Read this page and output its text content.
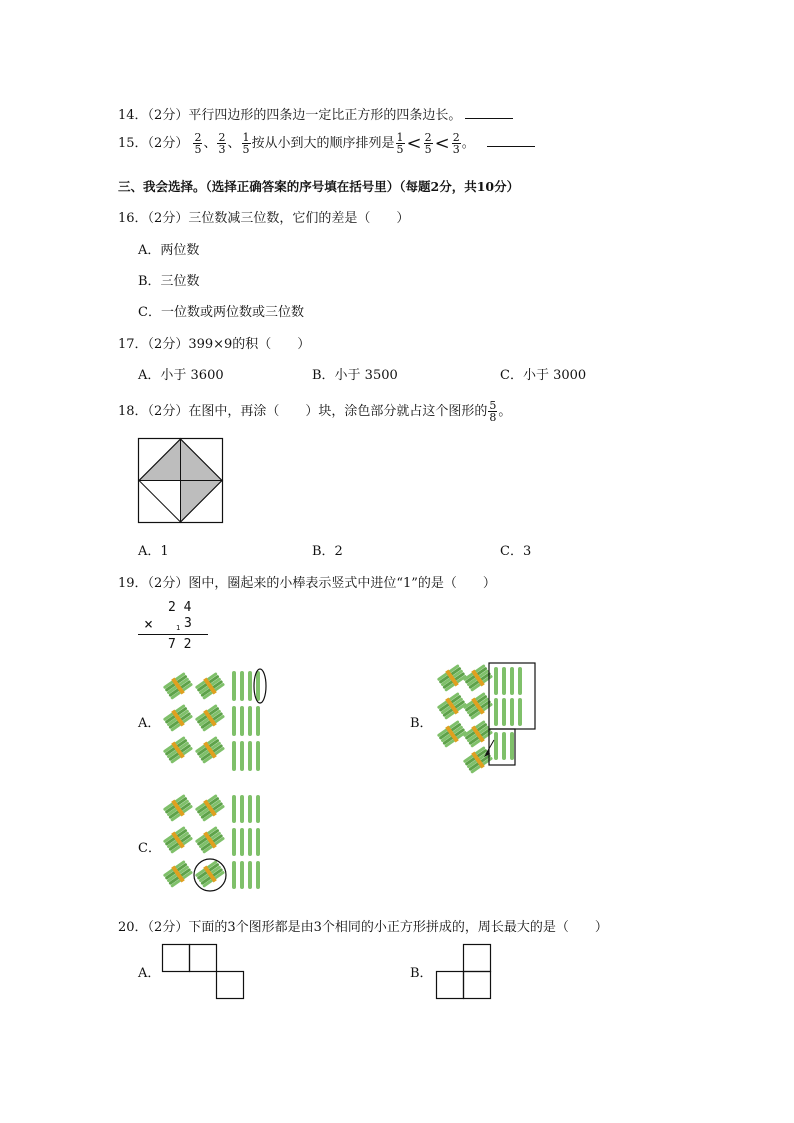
14．（2分）平行四边形的四条边一定比正方形的四条边长。
15．（2分） $\frac{2}{5}$ 、 $\frac{2}{3}$ 、 $\frac{1}{5}$ 按从小到大的顺序排列是 $\frac{1}{5} < \frac{2}{5} < \frac{2}{3}$ 。
三、我会选择。（选择正确答案的序号填在括号里）（每题2分，共10分）
16．（2分）三位数减三位数，它们的差是（　　）
A．两位数
B．三位数
C．一位数或两位数或三位数
17．（2分）399×9的积（　　）
A．小于 3600	B．小于 3500	C．小于 3000
18．（2分）在图中，再涂（　　）块，涂色部分就占这个图形的 $\frac{5}{8}$ 。
A．1	B．2	C．3
19．（2分）图中，圈起来的小棒表示竖式中进位“1”的是（　　）
2 4
× 3
1
7 2
A．	B．
C．
20．（2分）下面的3个图形都是由3个相同的小正方形拼成的，周长最大的是（　　）
A．	B．
